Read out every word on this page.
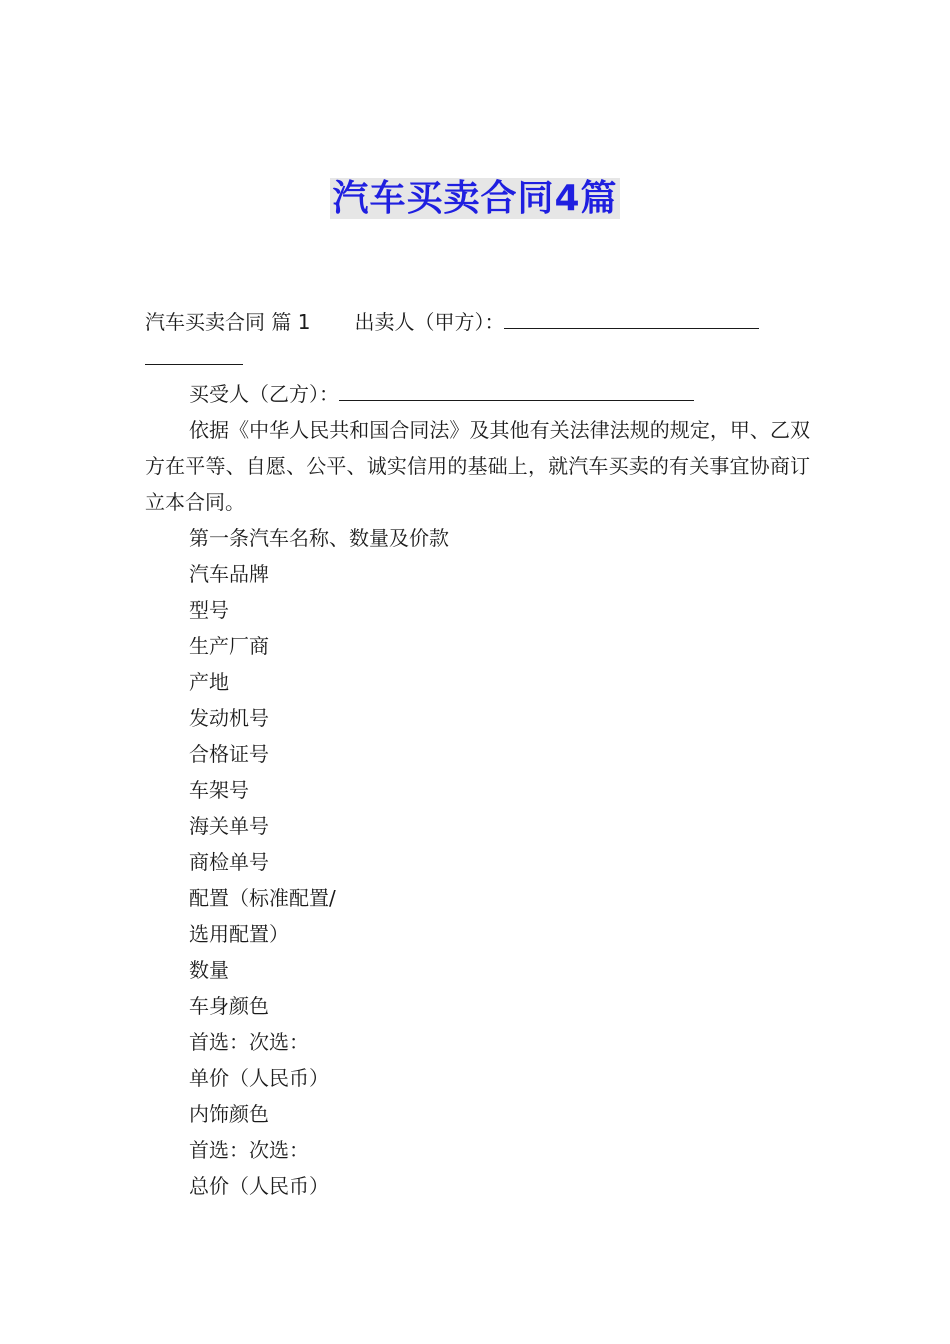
汽车买卖合同4篇
汽车买卖合同 篇 1 出卖人（甲方）：
买受人（乙方）：
依据《中华人民共和国合同法》及其他有关法律法规的规定，甲、乙双方在平等、自愿、公平、诚实信用的基础上，就汽车买卖的有关事宜协商订立本合同。
第一条汽车名称、数量及价款
汽车品牌
型号
生产厂商
产地
发动机号
合格证号
车架号
海关单号
商检单号
配置（标准配置/
选用配置）
数量
车身颜色
首选：次选：
单价（人民币）
内饰颜色
首选：次选：
总价（人民币）
